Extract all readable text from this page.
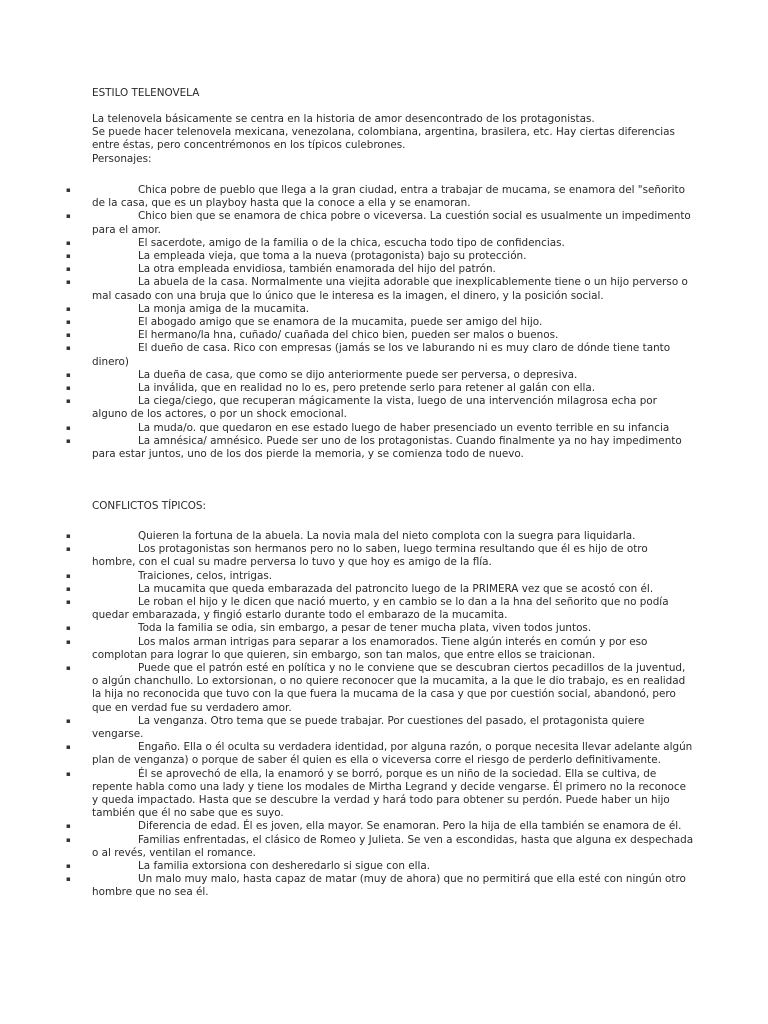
ESTILO TELENOVELA

La telenovela básicamente se centra en la historia de amor desencontrado de los protagonistas.

Se puede hacer telenovela mexicana, venezolana, colombiana, argentina, brasilera, etc. Hay ciertas diferencias entre éstas, pero concentrémonos en los típicos culebrones.

Personajes:

▪	Chica pobre de pueblo que llega a la gran ciudad, entra a trabajar de mucama, se enamora del "señorito de la casa, que es un playboy hasta que la conoce a ella y se enamoran.
▪	Chico bien que se enamora de chica pobre o viceversa. La cuestión social es usualmente un impedimento para el amor.
▪	El sacerdote, amigo de la familia o de la chica, escucha todo tipo de confidencias.
▪	La empleada vieja, que toma a la nueva (protagonista) bajo su protección.
▪	La otra empleada envidiosa, también enamorada del hijo del patrón.
▪	La abuela de la casa. Normalmente una viejita adorable que inexplicablemente tiene o un hijo perverso o mal casado con una bruja que lo único que le interesa es la imagen, el dinero, y la posición social.
▪	La monja amiga de la mucamita.
▪	El abogado amigo que se enamora de la mucamita, puede ser amigo del hijo.
▪	El hermano/la hna, cuñado/ cuañada del chico bien, pueden ser malos o buenos.
▪	El dueño de casa. Rico con empresas (jamás se los ve laburando ni es muy claro de dónde tiene tanto dinero)
▪	La dueña de casa, que como se dijo anteriormente puede ser perversa, o depresiva.
▪	La inválida, que en realidad no lo es, pero pretende serlo para retener al galán con ella.
▪	La ciega/ciego, que recuperan mágicamente la vista, luego de una intervención milagrosa echa por alguno de los actores, o por un shock emocional.
▪	La muda/o. que quedaron en ese estado luego de haber presenciado un evento terrible en su infancia
▪	La amnésica/ amnésico. Puede ser uno de los protagonistas. Cuando finalmente ya no hay impedimento para estar juntos, uno de los dos pierde la memoria, y se comienza todo de nuevo.
CONFLICTOS TÍPICOS:
▪	Quieren la fortuna de la abuela. La novia mala del nieto complota con la suegra para liquidarla.
▪	Los protagonistas son hermanos pero no lo saben, luego termina resultando que él es hijo de otro hombre, con el cual su madre perversa lo tuvo y que hoy es amigo de la flía.
▪	Traiciones, celos, intrigas.
▪	La mucamita que queda embarazada del patroncito luego de la PRIMERA vez que se acostó con él.
▪	Le roban el hijo y le dicen que nació muerto, y en cambio se lo dan a la hna del señorito que no podía quedar embarazada, y fingió estarlo durante todo el embarazo de la mucamita.
▪	Toda la familia se odia, sin embargo, a pesar de tener mucha plata, viven todos juntos.
▪	Los malos arman intrigas para separar a los enamorados. Tiene algún interés en común y por eso complotan para lograr lo que quieren, sin embargo, son tan malos, que entre ellos se traicionan.
▪	Puede que el patrón esté en política y no le conviene que se descubran ciertos pecadillos de la juventud, o algún chanchullo. Lo extorsionan, o no quiere reconocer que la mucamita, a la que le dio trabajo, es en realidad la hija no reconocida que tuvo con la que fuera la mucama de la casa y que por cuestión social, abandonó, pero que en verdad fue su verdadero amor.
▪	La venganza. Otro tema que se puede trabajar. Por cuestiones del pasado, el protagonista quiere vengarse.
▪	Engaño. Ella o él oculta su verdadera identidad, por alguna razón, o porque necesita llevar adelante algún plan de venganza) o porque de saber él quien es ella o viceversa corre el riesgo de perderlo definitivamente.
▪	Él se aprovechó de ella, la enamoró y se borró, porque es un niño de la sociedad. Ella se cultiva, de repente habla como una lady y tiene los modales de Mirtha Legrand y decide vengarse. Él primero no la reconoce y queda impactado. Hasta que se descubre la verdad y hará todo para obtener su perdón. Puede haber un hijo también que él no sabe que es suyo.
▪	Diferencia de edad. Él es joven, ella mayor. Se enamoran. Pero la hija de ella también se enamora de él.
▪	Familias enfrentadas, el clásico de Romeo y Julieta. Se ven a escondidas, hasta que alguna ex despechada o al revés, ventilan el romance.
▪	La familia extorsiona con desheredarlo si sigue con ella.
▪	Un malo muy malo, hasta capaz de matar (muy de ahora) que no permitirá que ella esté con ningún otro hombre que no sea él.
